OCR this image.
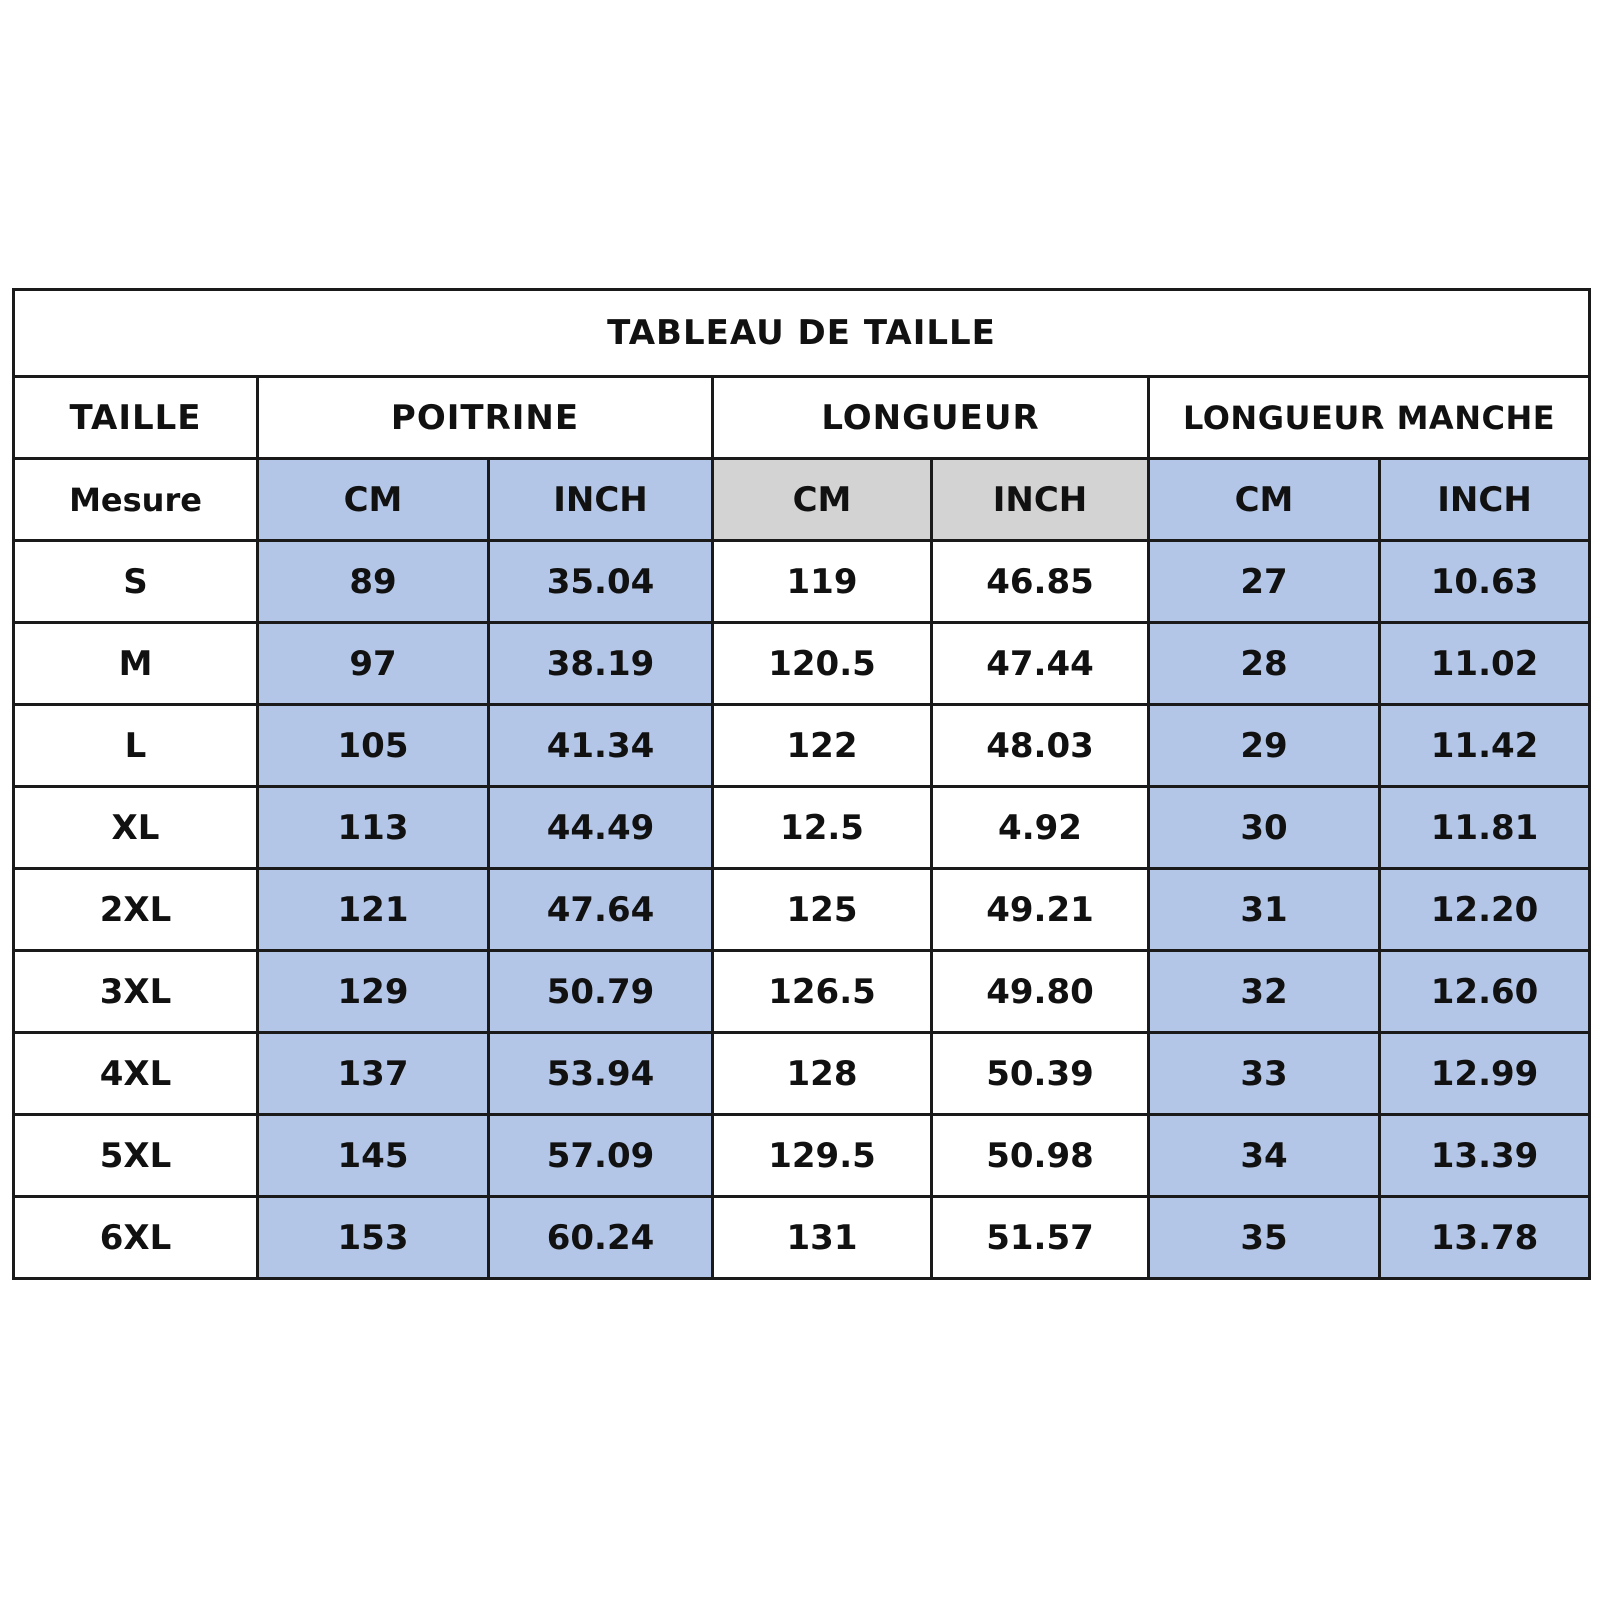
TABLEAU DE TAILLE						
TAILLE	POITRINE		LONGUEUR		LONGUEUR MANCHE	
Mesure	CM	INCH	CM	INCH	CM	INCH
S	89	35.04	119	46.85	27	10.63
M	97	38.19	120.5	47.44	28	11.02
L	105	41.34	122	48.03	29	11.42
XL	113	44.49	12.5	4.92	30	11.81
2XL	121	47.64	125	49.21	31	12.20
3XL	129	50.79	126.5	49.80	32	12.60
4XL	137	53.94	128	50.39	33	12.99
5XL	145	57.09	129.5	50.98	34	13.39
6XL	153	60.24	131	51.57	35	13.78
